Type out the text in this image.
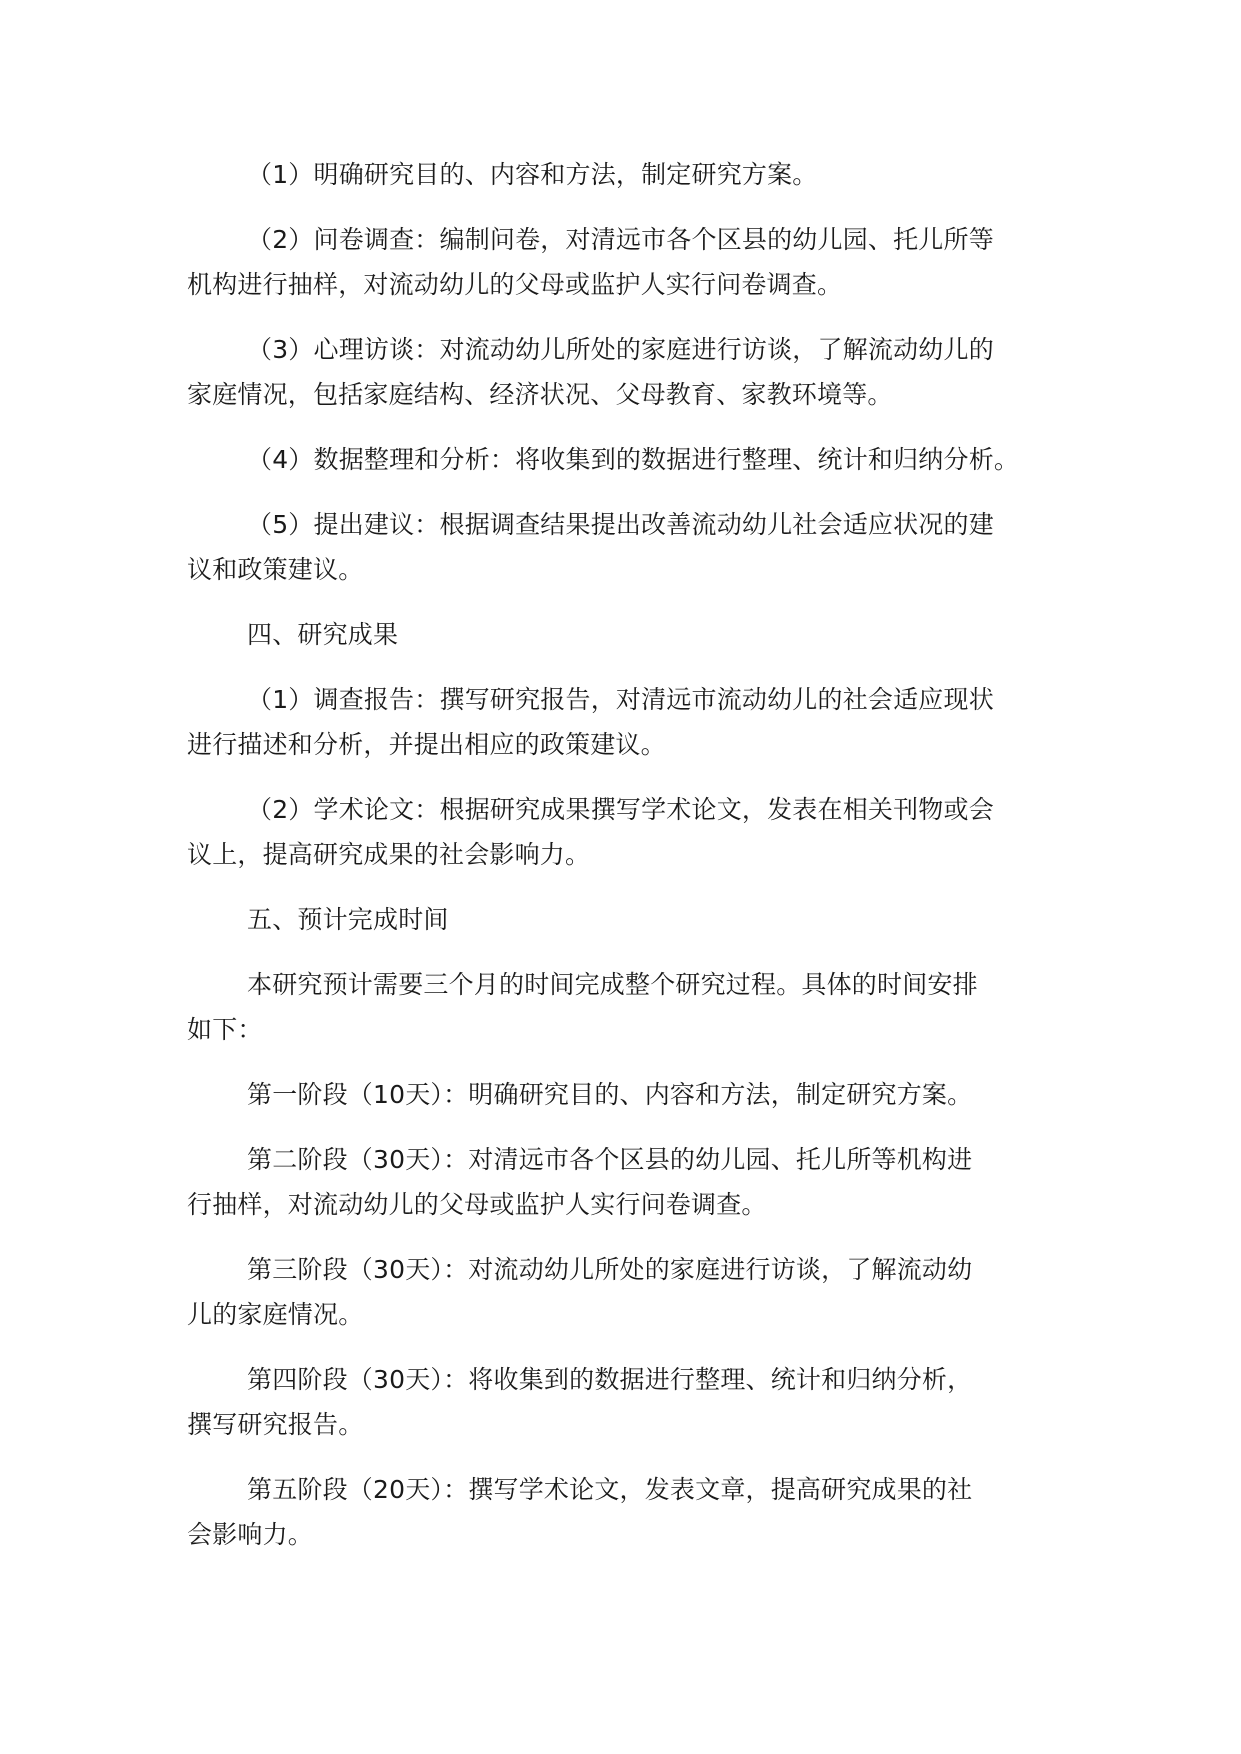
（1）明确研究目的、内容和方法，制定研究方案。

（2）问卷调查：编制问卷，对清远市各个区县的幼儿园、托儿所等
机构进行抽样，对流动幼儿的父母或监护人实行问卷调查。

（3）心理访谈：对流动幼儿所处的家庭进行访谈，了解流动幼儿的
家庭情况，包括家庭结构、经济状况、父母教育、家教环境等。

（4）数据整理和分析：将收集到的数据进行整理、统计和归纳分析。

（5）提出建议：根据调查结果提出改善流动幼儿社会适应状况的建
议和政策建议。

四、研究成果

（1）调查报告：撰写研究报告，对清远市流动幼儿的社会适应现状
进行描述和分析，并提出相应的政策建议。

（2）学术论文：根据研究成果撰写学术论文，发表在相关刊物或会
议上，提高研究成果的社会影响力。

五、预计完成时间

本研究预计需要三个月的时间完成整个研究过程。具体的时间安排
如下：

第一阶段（10天）：明确研究目的、内容和方法，制定研究方案。

第二阶段（30天）：对清远市各个区县的幼儿园、托儿所等机构进
行抽样，对流动幼儿的父母或监护人实行问卷调查。

第三阶段（30天）：对流动幼儿所处的家庭进行访谈，了解流动幼
儿的家庭情况。

第四阶段（30天）：将收集到的数据进行整理、统计和归纳分析，
撰写研究报告。

第五阶段（20天）：撰写学术论文，发表文章，提高研究成果的社
会影响力。
